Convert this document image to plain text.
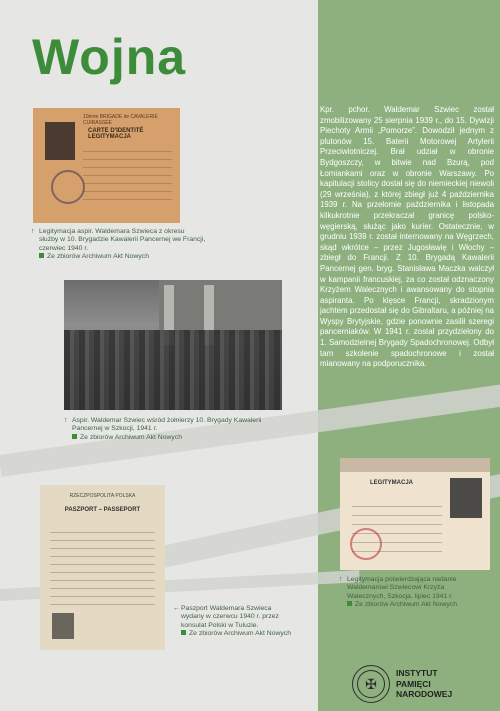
Wojna
10ème BRIGADE de CAVALERIE CUIRASSÉE
CARTE D'IDENTITÉ LEGITYMACJA
↑ Legitymacja aspir. Waldemara Szwieca z okresu
służby w 10. Brygadzie Kawalerii Pancernej we Francji,
czerwiec 1940 r.
Ze zbiorów Archiwum Akt Nowych
↑ Aspir. Waldemar Szwiec wśród żołnierzy 10. Brygady Kawalerii
Pancernej w Szkocji, 1941 r.
Ze zbiorów Archiwum Akt Nowych
RZECZPOSPOLITA POLSKA
PASZPORT – PASSEPORT
← Paszport Waldemara Szwieca
wydany w czerwcu 1940 r. przez
konsulat Polski w Tuluzie.
Ze zbiorów Archiwum Akt Nowych
LEGITYMACJA
↑ Legitymacja potwierdzająca nadanie
Waldemarowi Szwiecowi Krzyża
Walecznych, Szkocja, lipiec 1941 r.
Ze zbiorów Archiwum Akt Nowych

Kpr. pchor. Waldemar Szwiec został zmobilizowany 25 sierpnia 1939 r., do 15. Dywizji Piechoty Armii „Pomorze”. Dowodził jednym z plutonów 15. Baterii Motorowej Artylerii Przeciwlotniczej. Brał udział w obronie Bydgoszczy, w bitwie nad Bzurą, pod Łomiankami oraz w obronie Warszawy. Po kapitulacji stolicy dostał się do niemieckiej niewoli (29 września), z której zbiegł już 4 października 1939 r. Na przełomie października i listopada kilkukrotnie przekraczał granicę polsko-węgierską, służąc jako kurier. Ostatecznie, w grudniu 1939 r. został internowany na Węgrzech, skąd wkrótce – przez Jugosławię i Włochy – zbiegł do Francji. Z 10. Brygadą Kawalerii Pancernej gen. bryg. Stanisława Maczka walczył w kampanii francuskiej, za co został odznaczony Krzyżem Walecznych i awansowany do stopnia aspiranta. Po klęsce Francji, skradzionym jachtem przedostał się do Gibraltaru, a później na Wyspy Brytyjskie, gdzie ponownie zasilił szeregi pancerniaków. W 1941 r. został przydzielony do 1. Samodzielnej Brygady Spadochronowej. Odbył tam szkolenie spadochronowe i został mianowany na podporucznika.

✠
INSTYTUT
PAMIĘCI
NARODOWEJ
